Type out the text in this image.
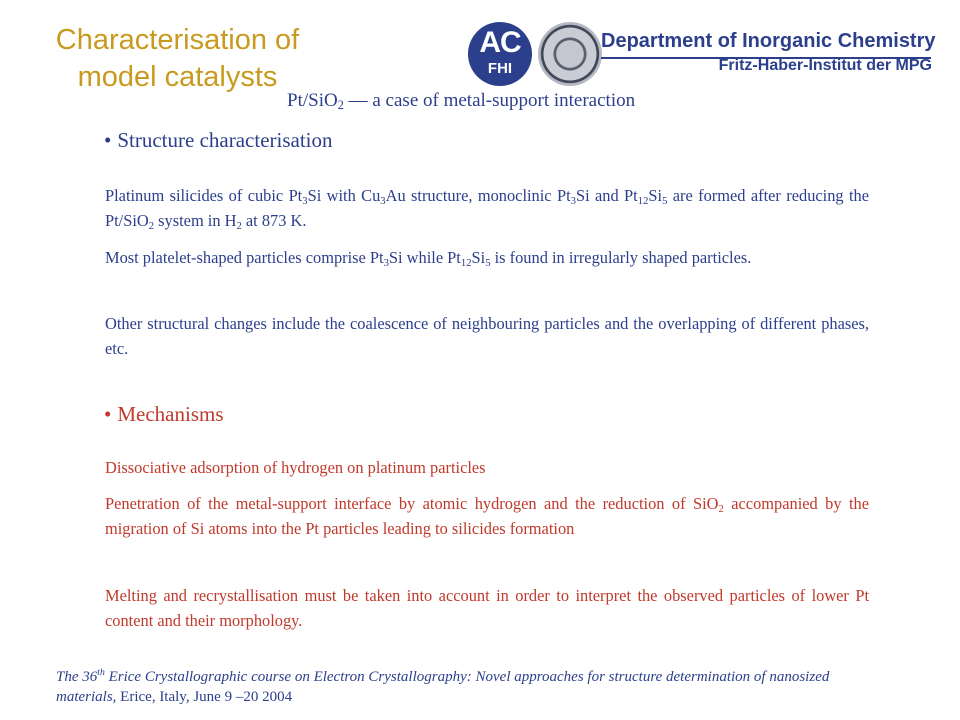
Characterisation of
model catalysts
AC
FHI
Department of Inorganic Chemistry
Fritz-Haber-Institut der MPG
Pt/SiO$_2$ — a case of metal-support interaction
• Structure characterisation

Platinum silicides of cubic $Pt_3Si$ with $Cu_3Au$ structure, monoclinic $Pt_3Si$ and $Pt_{12}Si_5$ are formed after reducing the Pt/SiO$_2$ system in $H_2$ at 873 K.

Most platelet-shaped particles comprise $Pt_3Si$ while $Pt_{12}Si_5$ is found in irregularly shaped particles.

Other structural changes include the coalescence of neighbouring particles and the overlapping of different phases, etc.

• Mechanisms

Dissociative adsorption of hydrogen on platinum particles

Penetration of the metal-support interface by atomic hydrogen and the reduction of SiO$_2$ accompanied by the migration of Si atoms into the Pt particles leading to silicides formation

Melting and recrystallisation must be taken into account in order to interpret the observed particles of lower Pt content and their morphology.

The 36th Erice Crystallographic course on Electron Crystallography: Novel approaches for structure determination of nanosized materials, Erice, Italy, June 9 –20 2004
